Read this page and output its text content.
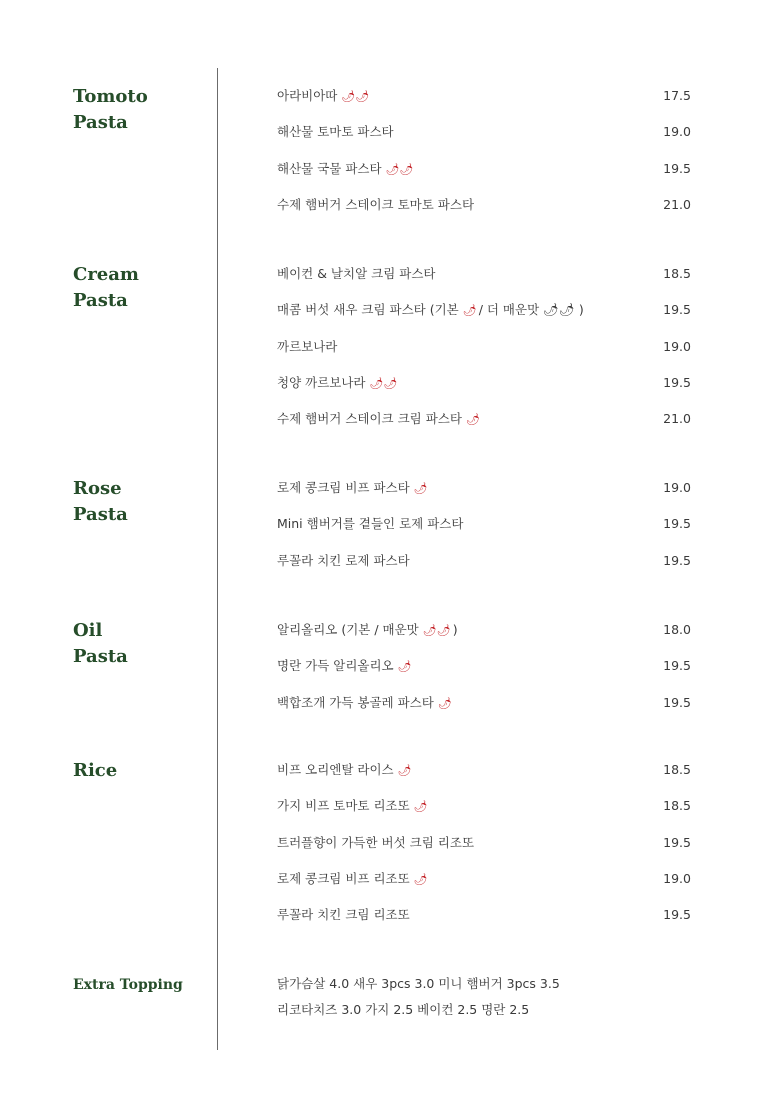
Tomoto
Pasta
아라비아따 🌶🌶	17.5
해산물 토마토 파스타	19.0
해산물 국물 파스타 🌶🌶	19.5
수제 햄버거 스테이크 토마토 파스타	21.0
Cream
Pasta
베이컨 & 날치알 크림 파스타	18.5
매콤 버섯 새우 크림 파스타 (기본 🌶 / 더 매운맛 🌶🌶 )	19.5
까르보나라	19.0
청양 까르보나라 🌶🌶	19.5
수제 햄버거 스테이크 크림 파스타 🌶	21.0
Rose
Pasta
로제 콩크림 비프 파스타 🌶	19.0
Mini 햄버거를 곁들인 로제 파스타	19.5
루꼴라 치킨 로제 파스타	19.5
Oil
Pasta
알리올리오 (기본 / 매운맛 🌶🌶 )	18.0
명란 가득 알리올리오 🌶	19.5
백합조개 가득 봉골레 파스타 🌶	19.5
Rice	비프 오리엔탈 라이스 🌶	18.5
가지 비프 토마토 리조또 🌶	18.5
트러플향이 가득한 버섯 크림 리조또	19.5
로제 콩크림 비프 리조또 🌶	19.0
루꼴라 치킨 크림 리조또	19.5
Extra Topping	닭가슴살 4.0 새우 3pcs 3.0 미니 햄버거 3pcs 3.5
리코타치즈 3.0 가지 2.5 베이컨 2.5 명란 2.5
